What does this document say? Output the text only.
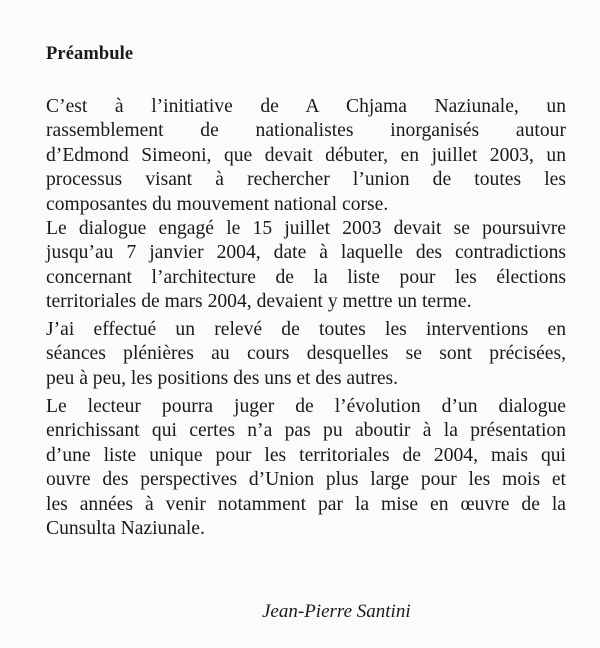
Préambule
C’est à l’initiative de A Chjama Naziunale, un
rassemblement de nationalistes inorganisés autour
d’Edmond Simeoni, que devait débuter, en juillet 2003, un
processus visant à rechercher l’union de toutes les
composantes du mouvement national corse.
Le dialogue engagé le 15 juillet 2003 devait se poursuivre
jusqu’au 7 janvier 2004, date à laquelle des contradictions
concernant l’architecture de la liste pour les élections
territoriales de mars 2004, devaient y mettre un terme.
J’ai effectué un relevé de toutes les interventions en
séances plénières au cours desquelles se sont précisées,
peu à peu, les positions des uns et des autres.
Le lecteur pourra juger de l’évolution d’un dialogue
enrichissant qui certes n’a pas pu aboutir à la présentation
d’une liste unique pour les territoriales de 2004, mais qui
ouvre des perspectives d’Union plus large pour les mois et
les années à venir notamment par la mise en œuvre de la
Cunsulta Naziunale.
Jean-Pierre Santini
